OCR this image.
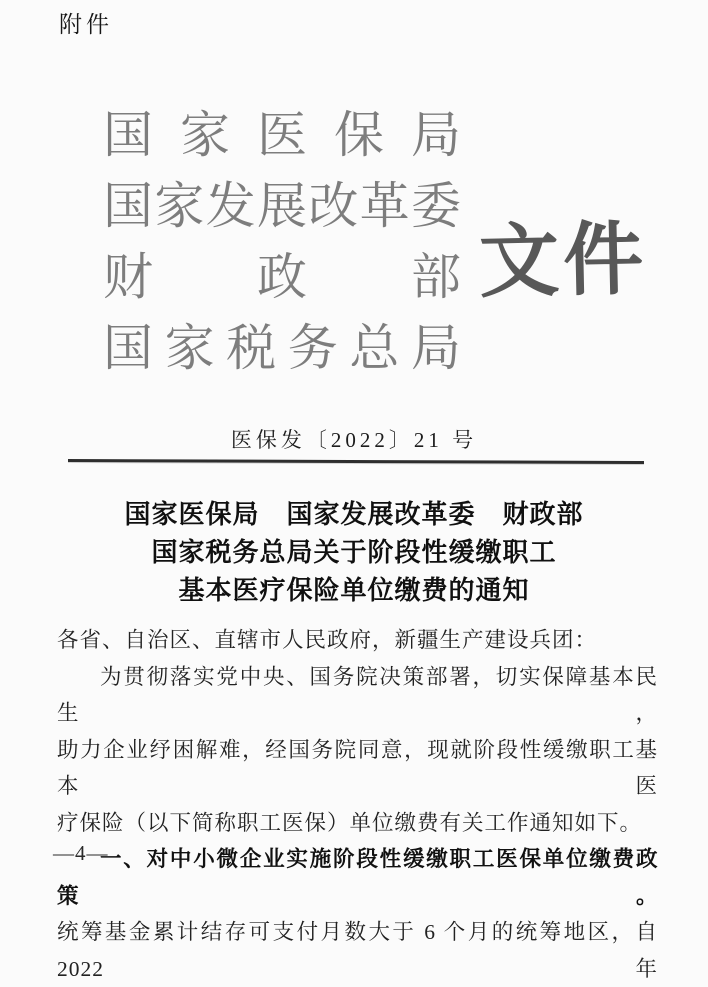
附件
国家医保局
国家发展改革委
财政部
国家税务总局
文件
医保发〔2022〕21 号
国家医保局　国家发展改革委　财政部
国家税务总局关于阶段性缓缴职工
基本医疗保险单位缴费的通知
各省、自治区、直辖市人民政府，新疆生产建设兵团：
为贯彻落实党中央、国务院决策部署，切实保障基本民生，
助力企业纾困解难，经国务院同意，现就阶段性缓缴职工基本医
疗保险（以下简称职工医保）单位缴费有关工作通知如下。
一、对中小微企业实施阶段性缓缴职工医保单位缴费政策。
统筹基金累计结存可支付月数大于 6 个月的统筹地区，自 2022 年
—4—
